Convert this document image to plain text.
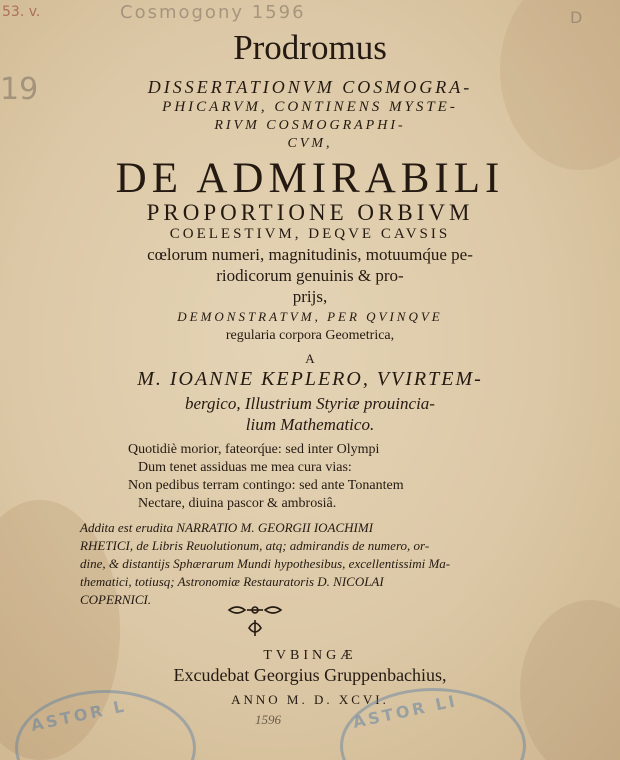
53. v.	Cosmogony 1596	D
19
Prodromus
DISSERTATIONVM COSMOGRA-
PHICARVM, CONTINENS MYSTE-
RIVM COSMOGRAPHI-
CVM,
DE ADMIRABILI
PROPORTIONE ORBIVM
COELESTIVM, DEQVE CAVSIS
cœlorum numeri, magnitudinis, motuumq́ue pe-
riodicorum genuinis & pro-
prijs,
DEMONSTRATVM, PER QVINQVE
regularia corpora Geometrica,
A
M. IOANNE KEPLERO, VVIRTEM-
bergico, Illustrium Styriæ prouincia-
lium Mathematico.
Quotidiè morior, fateorq́ue: sed inter Olympi
Dum tenet assiduas me mea cura vias:
Non pedibus terram contingo: sed ante Tonantem
Nectare, diuina pascor & ambrosiâ.
Addita est erudita NARRATIO M. GEORGII IOACHIMI
RHETICI, de Libris Reuolutionum, atq; admirandis de numero, or-
dine, & distantijs Sphærarum Mundi hypothesibus, excellentissimi Ma-
thematici, totiusq; Astronomiæ Restauratoris D. NICOLAI
COPERNICI.
TVBINGÆ
Excudebat Georgius Gruppenbachius,
ANNO M. D. XCVI.
1596
ASTOR L	ASTOR LI
